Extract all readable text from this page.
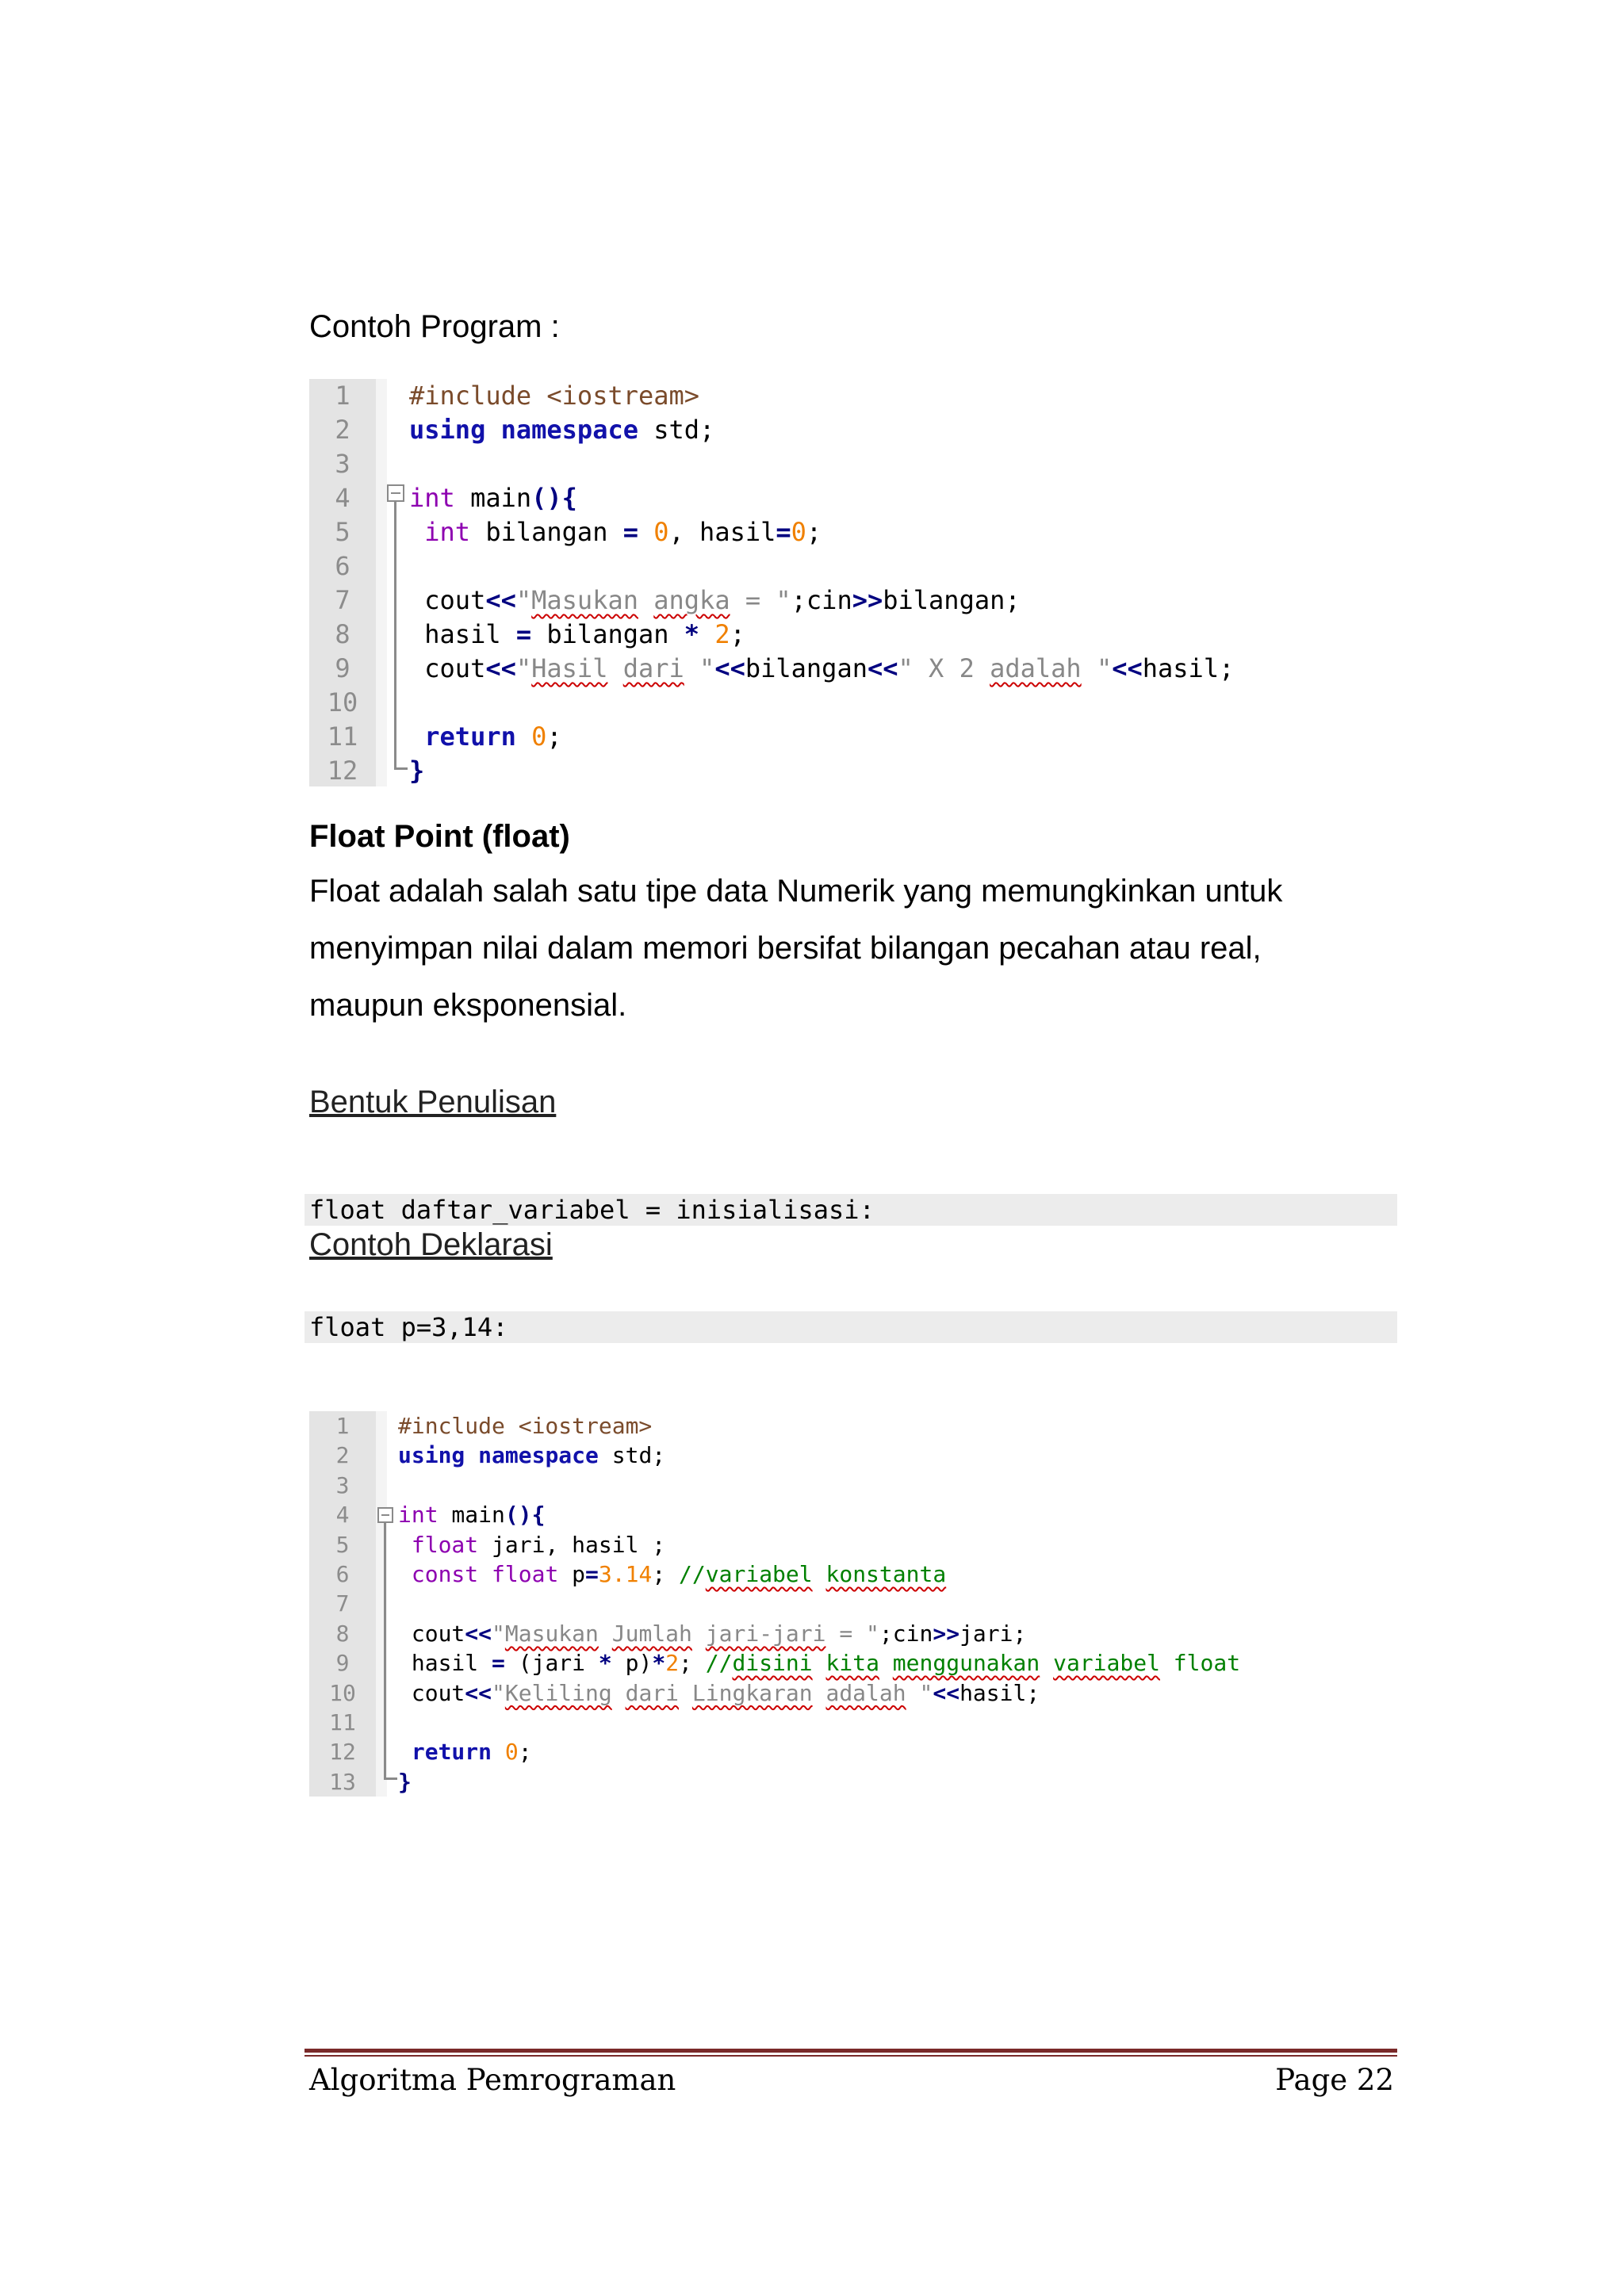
Contoh Program :
1
2
3
4
5
6
7
8
9
10
11
12
#include <iostream>
using namespace std;
int main(){
int bilangan = 0, hasil=0;
cout<<"Masukan angka = ";cin>>bilangan;
hasil = bilangan * 2;
cout<<"Hasil dari "<<bilangan<<" X 2 adalah "<<hasil;
return 0;
}
Float Point (float)
Float adalah salah satu tipe data Numerik yang memungkinkan untuk
menyimpan nilai dalam memori bersifat bilangan pecahan atau real,
maupun eksponensial.
Bentuk Penulisan
float daftar_variabel = inisialisasi:
Contoh Deklarasi
float p=3,14:
1
2
3
4
5
6
7
8
9
10
11
12
13
#include <iostream>
using namespace std;
int main(){
float jari, hasil ;
const float p=3.14; //variabel konstanta
cout<<"Masukan Jumlah jari-jari = ";cin>>jari;
hasil = (jari * p)*2; //disini kita menggunakan variabel float
cout<<"Keliling dari Lingkaran adalah "<<hasil;
return 0;
}
Algoritma Pemrograman	Page 22
